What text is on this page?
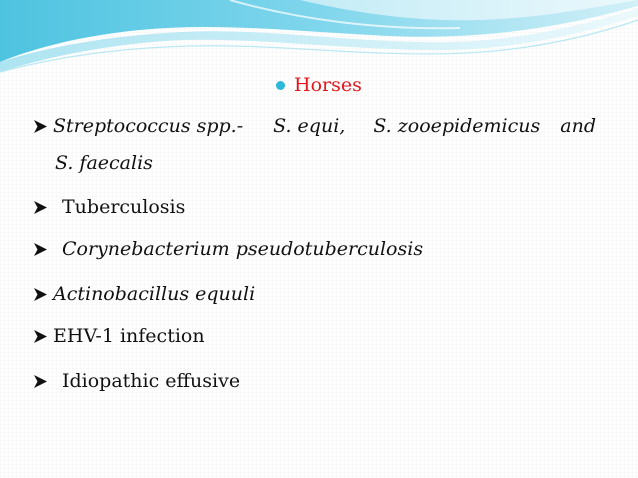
Horses
Streptococcus spp.- S. equi, S. zooepidemicus and
S. faecalis
Tuberculosis
Corynebacterium pseudotuberculosis
Actinobacillus equuli
EHV-1 infection
Idiopathic effusive
